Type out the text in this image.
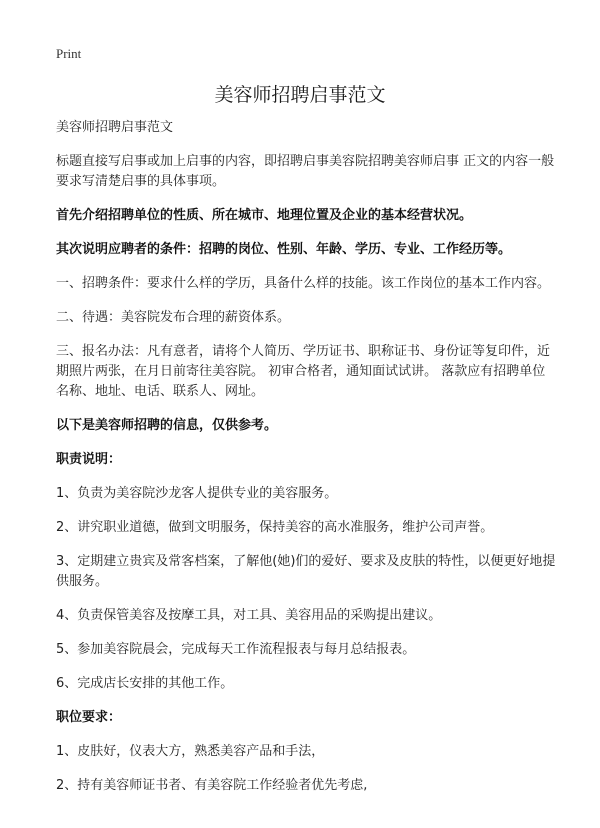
Print
美容师招聘启事范文

美容师招聘启事范文

标题直接写启事或加上启事的内容，即招聘启事美容院招聘美容师启事 正文的内容一般要求写清楚启事的具体事项。

首先介绍招聘单位的性质、所在城市、地理位置及企业的基本经营状况。

其次说明应聘者的条件：招聘的岗位、性别、年龄、学历、专业、工作经历等。

一、招聘条件：要求什么样的学历，具备什么样的技能。该工作岗位的基本工作内容。

二、待遇：美容院发布合理的薪资体系。

三、报名办法：凡有意者，请将个人简历、学历证书、职称证书、身份证等复印件，近期照片两张，在月日前寄往美容院。 初审合格者，通知面试试讲。 落款应有招聘单位名称、地址、电话、联系人、网址。

以下是美容师招聘的信息，仅供参考。

职责说明：

1、负责为美容院沙龙客人提供专业的美容服务。

2、讲究职业道德，做到文明服务，保持美容的高水准服务，维护公司声誉。

3、定期建立贵宾及常客档案，了解他(她)们的爱好、要求及皮肤的特性，以便更好地提供服务。

4、负责保管美容及按摩工具，对工具、美容用品的采购提出建议。

5、参加美容院晨会，完成每天工作流程报表与每月总结报表。

6、完成店长安排的其他工作。

职位要求：

1、皮肤好，仪表大方，熟悉美容产品和手法，

2、持有美容师证书者、有美容院工作经验者优先考虑,
